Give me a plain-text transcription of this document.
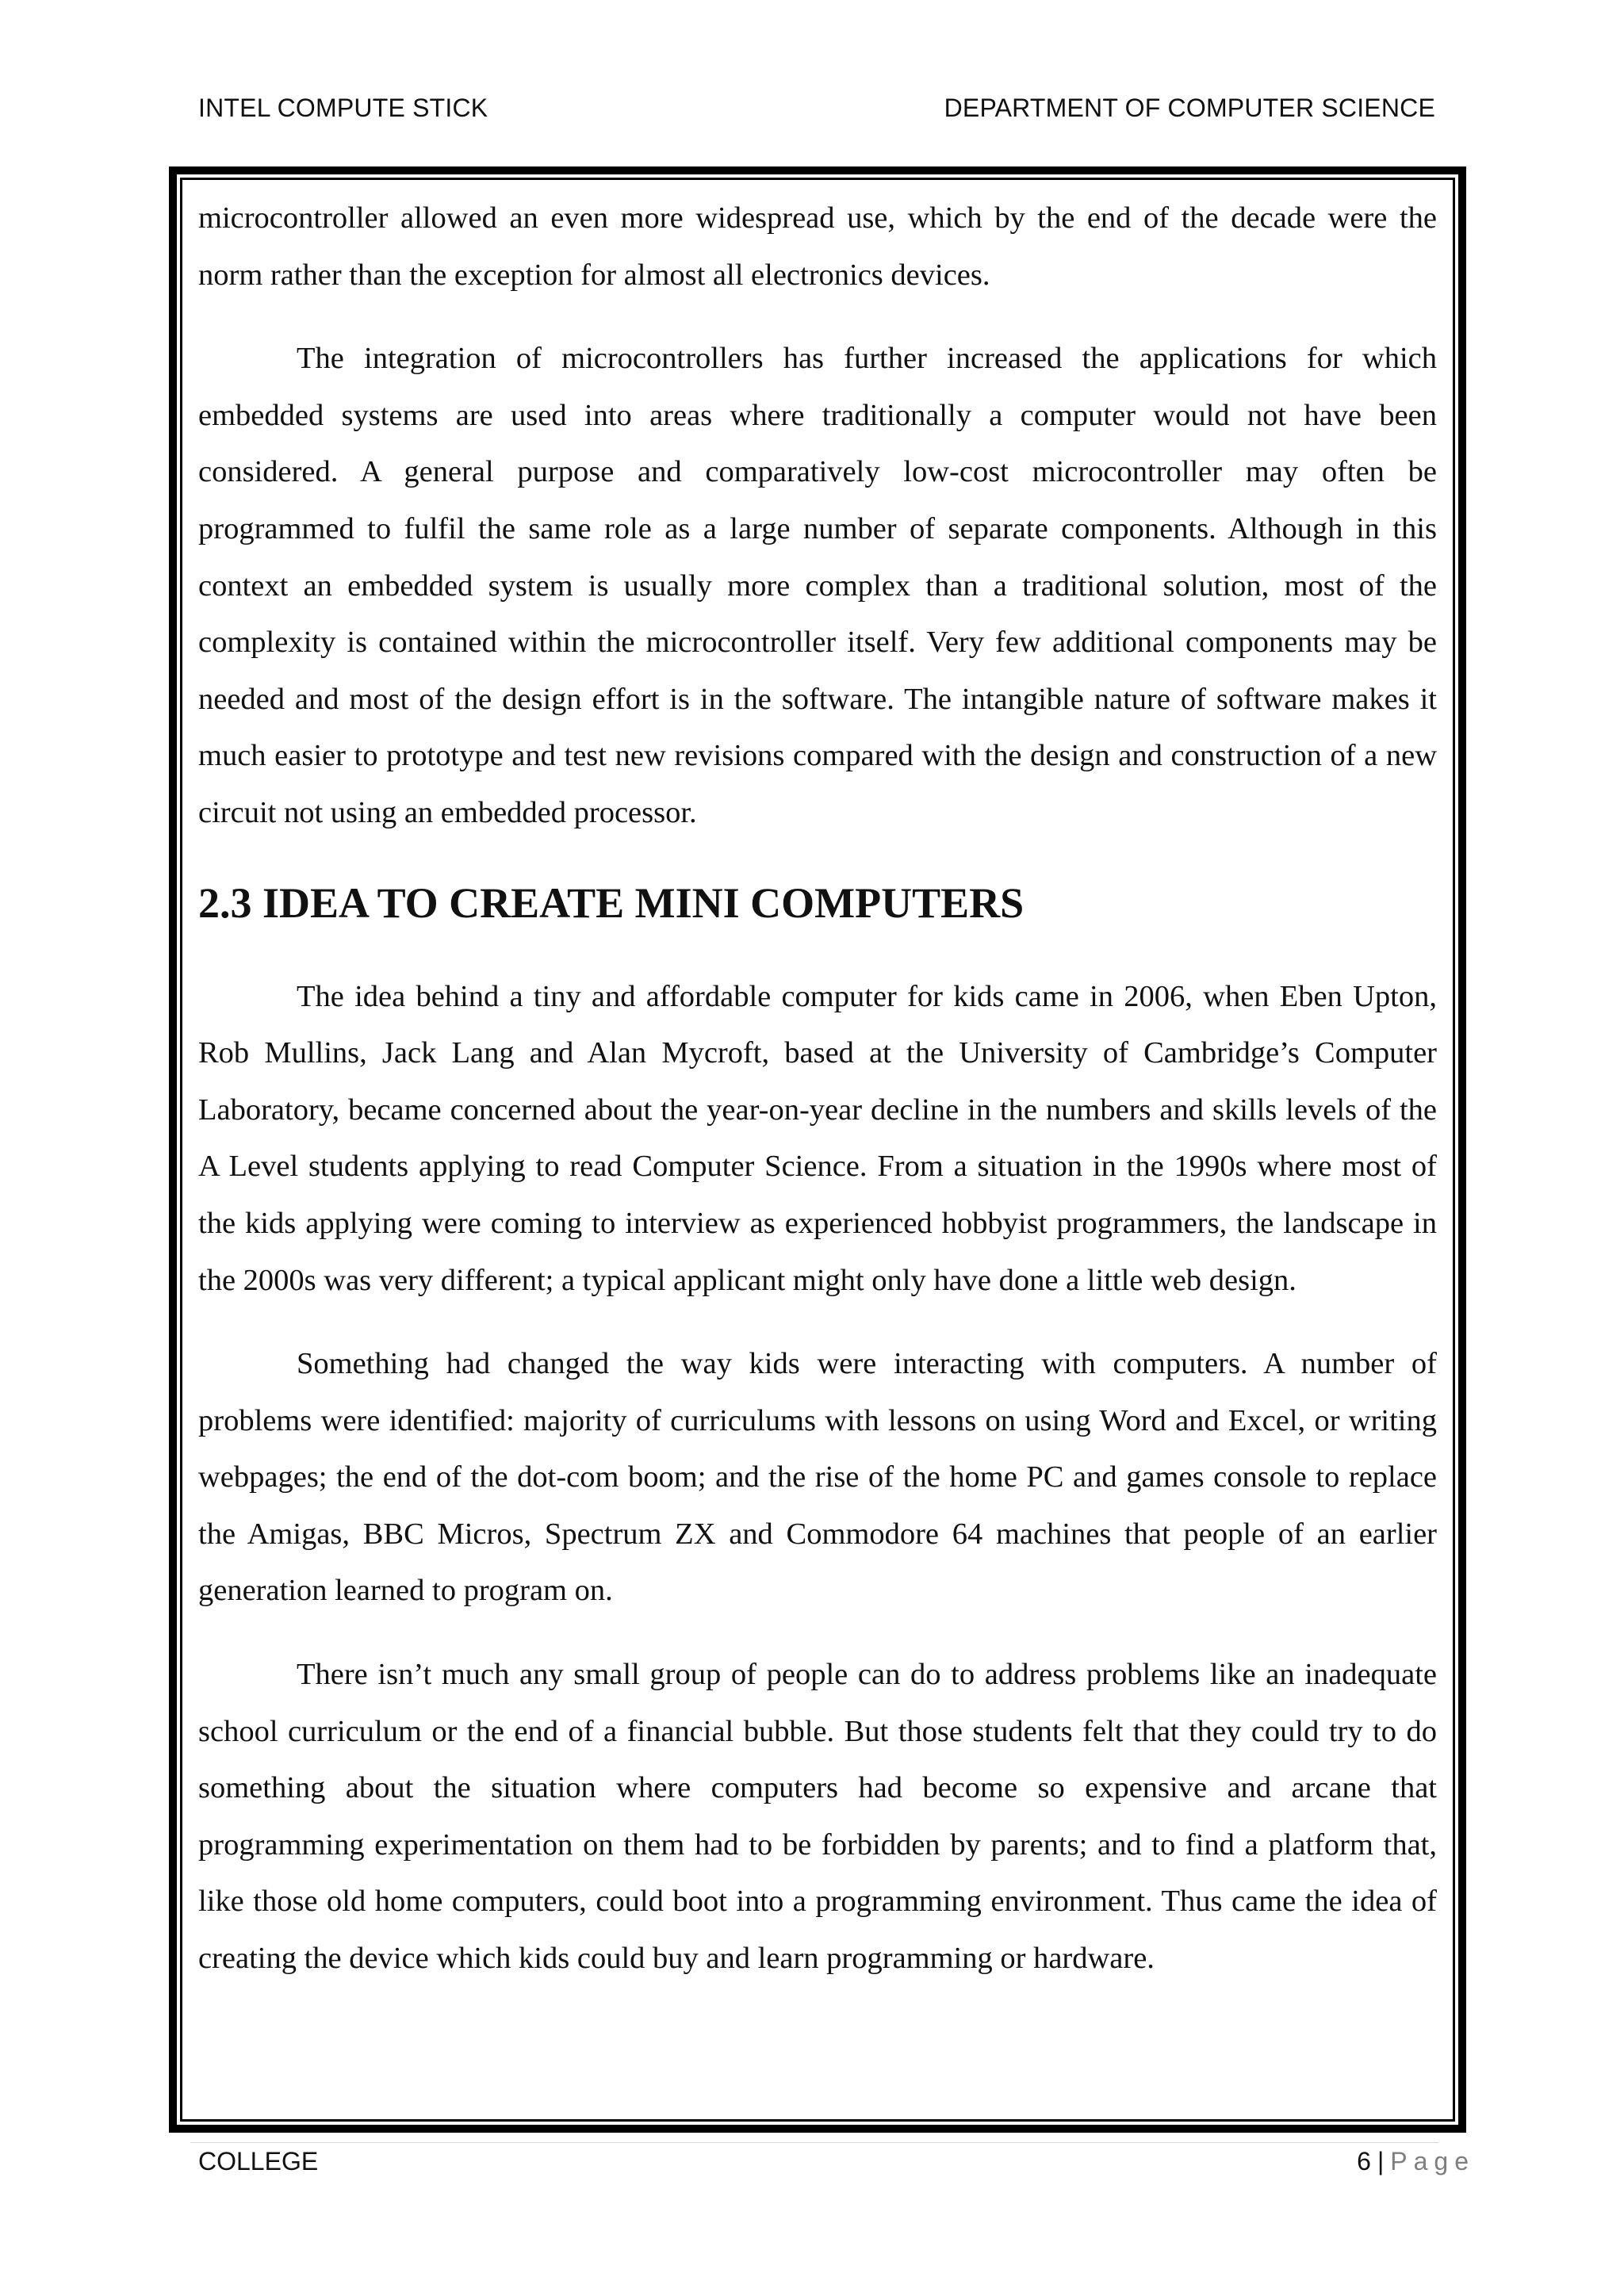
INTEL COMPUTE STICK	DEPARTMENT OF COMPUTER SCIENCE

microcontroller allowed an even more widespread use, which by the end of the decade were the norm rather than the exception for almost all electronics devices.

The integration of microcontrollers has further increased the applications for which embedded systems are used into areas where traditionally a computer would not have been considered. A general purpose and comparatively low-cost microcontroller may often be programmed to fulfil the same role as a large number of separate components. Although in this context an embedded system is usually more complex than a traditional solution, most of the complexity is contained within the microcontroller itself. Very few additional components may be needed and most of the design effort is in the software. The intangible nature of software makes it much easier to prototype and test new revisions compared with the design and construction of a new circuit not using an embedded processor.

2.3 IDEA TO CREATE MINI COMPUTERS

The idea behind a tiny and affordable computer for kids came in 2006, when Eben Upton, Rob Mullins, Jack Lang and Alan Mycroft, based at the University of Cambridge’s Computer Laboratory, became concerned about the year-on-year decline in the numbers and skills levels of the A Level students applying to read Computer Science. From a situation in the 1990s where most of the kids applying were coming to interview as experienced hobbyist programmers, the landscape in the 2000s was very different; a typical applicant might only have done a little web design.

Something had changed the way kids were interacting with computers. A number of problems were identified: majority of curriculums with lessons on using Word and Excel, or writing webpages; the end of the dot-com boom; and the rise of the home PC and games console to replace the Amigas, BBC Micros, Spectrum ZX and Commodore 64 machines that people of an earlier generation learned to program on.

There isn’t much any small group of people can do to address problems like an inadequate school curriculum or the end of a financial bubble. But those students felt that they could try to do something about the situation where computers had become so expensive and arcane that programming experimentation on them had to be forbidden by parents; and to find a platform that, like those old home computers, could boot into a programming environment. Thus came the idea of creating the device which kids could buy and learn programming or hardware.

COLLEGE	6 | Page
